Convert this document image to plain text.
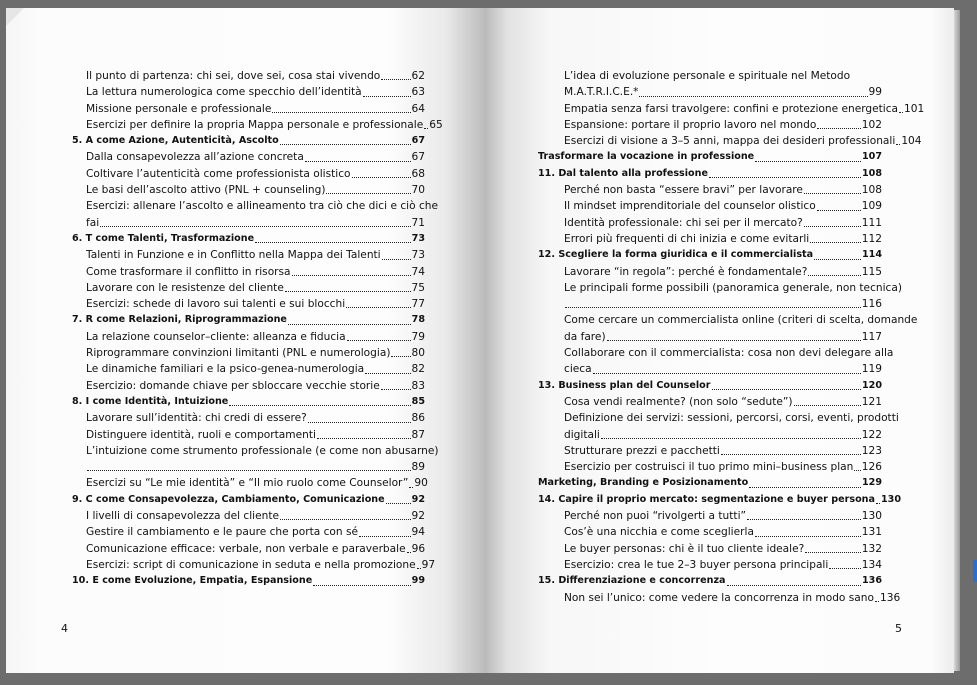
Il punto di partenza: chi sei, dove sei, cosa stai vivendo	62
La lettura numerologica come specchio dell’identità	63
Missione personale e professionale	64
Esercizi per definire la propria Mappa personale e professionale 65
5. A come Azione, Autenticità, Ascolto	67
Dalla consapevolezza all’azione concreta	67
Coltivare l’autenticità come professionista olistico	68
Le basi dell’ascolto attivo (PNL + counseling)	70
Esercizi: allenare l’ascolto e allineamento tra ciò che dici e ciò che
fai	71
6. T come Talenti, Trasformazione	73
Talenti in Funzione e in Conflitto nella Mappa dei Talenti	73
Come trasformare il conflitto in risorsa	74
Lavorare con le resistenze del cliente	75
Esercizi: schede di lavoro sui talenti e sui blocchi	77
7. R come Relazioni, Riprogrammazione	78
La relazione counselor–cliente: alleanza e fiducia	79
Riprogrammare convinzioni limitanti (PNL e numerologia) 80
Le dinamiche familiari e la psico-genea-numerologia	82
Esercizio: domande chiave per sbloccare vecchie storie	83
8. I come Identità, Intuizione	85
Lavorare sull’identità: chi credi di essere?	86
Distinguere identità, ruoli e comportamenti	87
L’intuizione come strumento professionale (e come non abusarne)
89
Esercizi su “Le mie identità” e “Il mio ruolo come Counselor” 90
9. C come Consapevolezza, Cambiamento, Comunicazione	92
I livelli di consapevolezza del cliente	92
Gestire il cambiamento e le paure che porta con sé	94
Comunicazione efficace: verbale, non verbale e paraverbale 96
Esercizi: script di comunicazione in seduta e nella promozione 97
10. E come Evoluzione, Empatia, Espansione	99
4
L’idea di evoluzione personale e spirituale nel Metodo
M.A.T.R.I.C.E.*	99
Empatia senza farsi travolgere: confini e protezione energetica 101
Espansione: portare il proprio lavoro nel mondo	102
Esercizi di visione a 3–5 anni, mappa dei desideri professionali 104
Trasformare la vocazione in professione	107
11. Dal talento alla professione	108
Perché non basta “essere bravi” per lavorare	108
Il mindset imprenditoriale del counselor olistico	109
Identità professionale: chi sei per il mercato?	111
Errori più frequenti di chi inizia e come evitarli	112
12. Scegliere la forma giuridica e il commercialista	114
Lavorare “in regola”: perché è fondamentale?	115
Le principali forme possibili (panoramica generale, non tecnica)
116
Come cercare un commercialista online (criteri di scelta, domande
da fare)	117
Collaborare con il commercialista: cosa non devi delegare alla
cieca	119
13. Business plan del Counselor	120
Cosa vendi realmente? (non solo “sedute”)	121
Definizione dei servizi: sessioni, percorsi, corsi, eventi, prodotti
digitali	122
Strutturare prezzi e pacchetti	123
Esercizio per costruisci il tuo primo mini–business plan 126
Marketing, Branding e Posizionamento	129
14. Capire il proprio mercato: segmentazione e buyer persona 130
Perché non puoi “rivolgerti a tutti”	130
Cos’è una nicchia e come sceglierla	131
Le buyer personas: chi è il tuo cliente ideale?	132
Esercizio: crea le tue 2–3 buyer persona principali	134
15. Differenziazione e concorrenza	136
Non sei l’unico: come vedere la concorrenza in modo sano 136
5
